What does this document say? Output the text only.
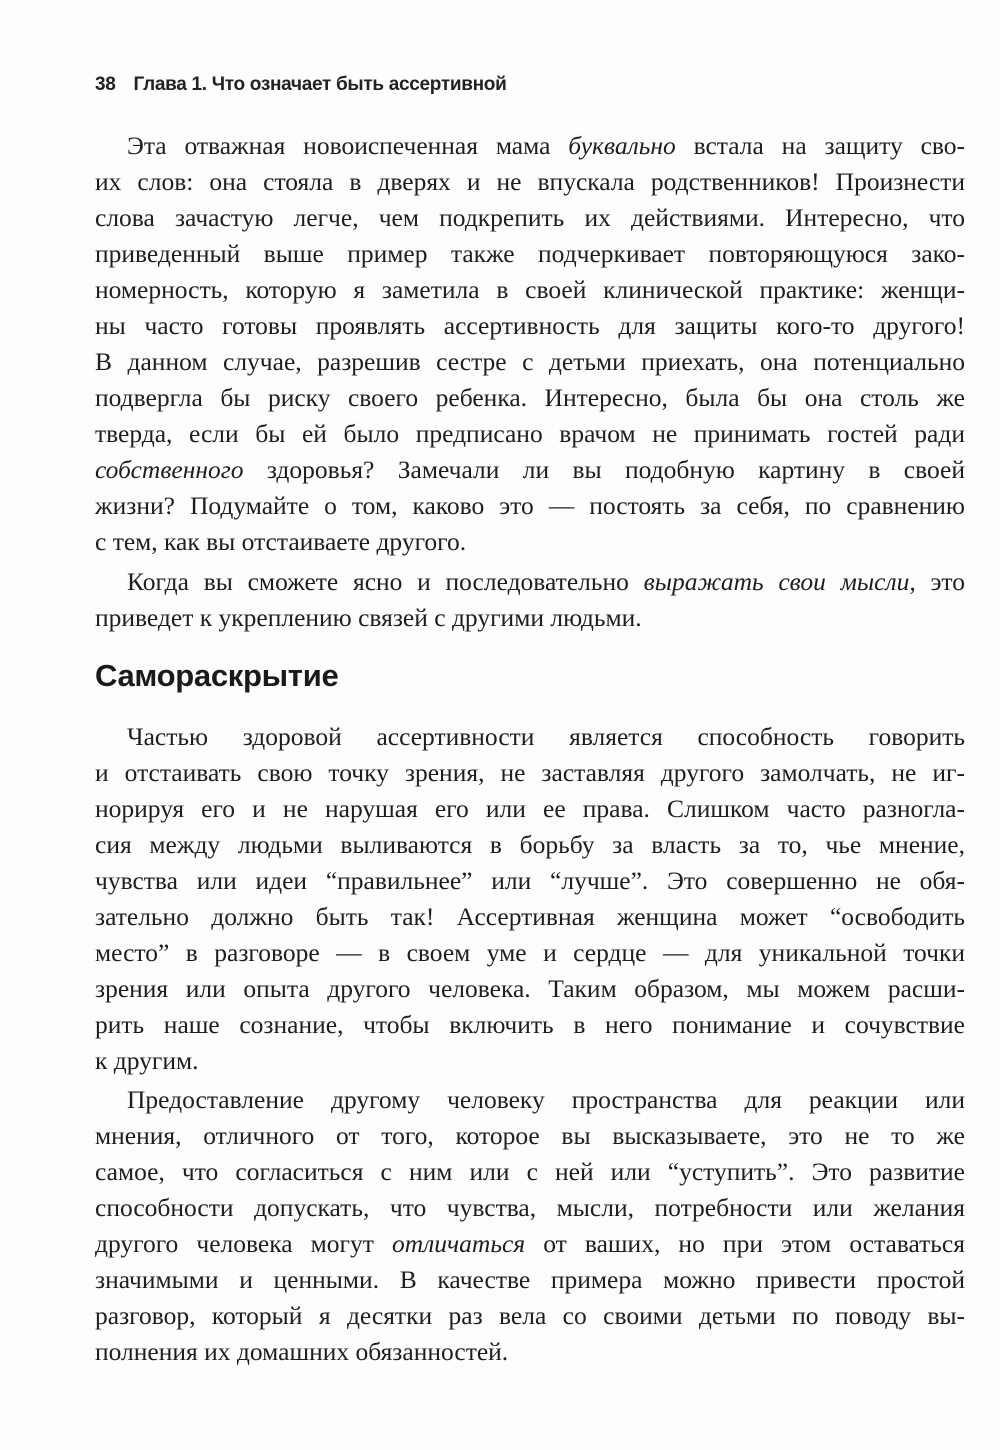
38 Глава 1. Что означает быть ассертивной
Эта отважная новоиспеченная мама буквально встала на защиту сво-
их слов: она стояла в дверях и не впускала родственников! Произнести
слова зачастую легче, чем подкрепить их действиями. Интересно, что
приведенный выше пример также подчеркивает повторяющуюся зако-
номерность, которую я заметила в своей клинической практике: женщи-
ны часто готовы проявлять ассертивность для защиты кого-то другого!
В данном случае, разрешив сестре с детьми приехать, она потенциально
подвергла бы риску своего ребенка. Интересно, была бы она столь же
тверда, если бы ей было предписано врачом не принимать гостей ради
собственного здоровья? Замечали ли вы подобную картину в своей
жизни? Подумайте о том, каково это — постоять за себя, по сравнению
с тем, как вы отстаиваете другого.
Когда вы сможете ясно и последовательно выражать свои мысли, это
приведет к укреплению связей с другими людьми.
Самораскрытие
Частью здоровой ассертивности является способность говорить
и отстаивать свою точку зрения, не заставляя другого замолчать, не иг-
норируя его и не нарушая его или ее права. Слишком часто разногла-
сия между людьми выливаются в борьбу за власть за то, чье мнение,
чувства или идеи “правильнее” или “лучше”. Это совершенно не обя-
зательно должно быть так! Ассертивная женщина может “освободить
место” в разговоре — в своем уме и сердце — для уникальной точки
зрения или опыта другого человека. Таким образом, мы можем расши-
рить наше сознание, чтобы включить в него понимание и сочувствие
к другим.
Предоставление другому человеку пространства для реакции или
мнения, отличного от того, которое вы высказываете, это не то же
самое, что согласиться с ним или с ней или “уступить”. Это развитие
способности допускать, что чувства, мысли, потребности или желания
другого человека могут отличаться от ваших, но при этом оставаться
значимыми и ценными. В качестве примера можно привести простой
разговор, который я десятки раз вела со своими детьми по поводу вы-
полнения их домашних обязанностей.
